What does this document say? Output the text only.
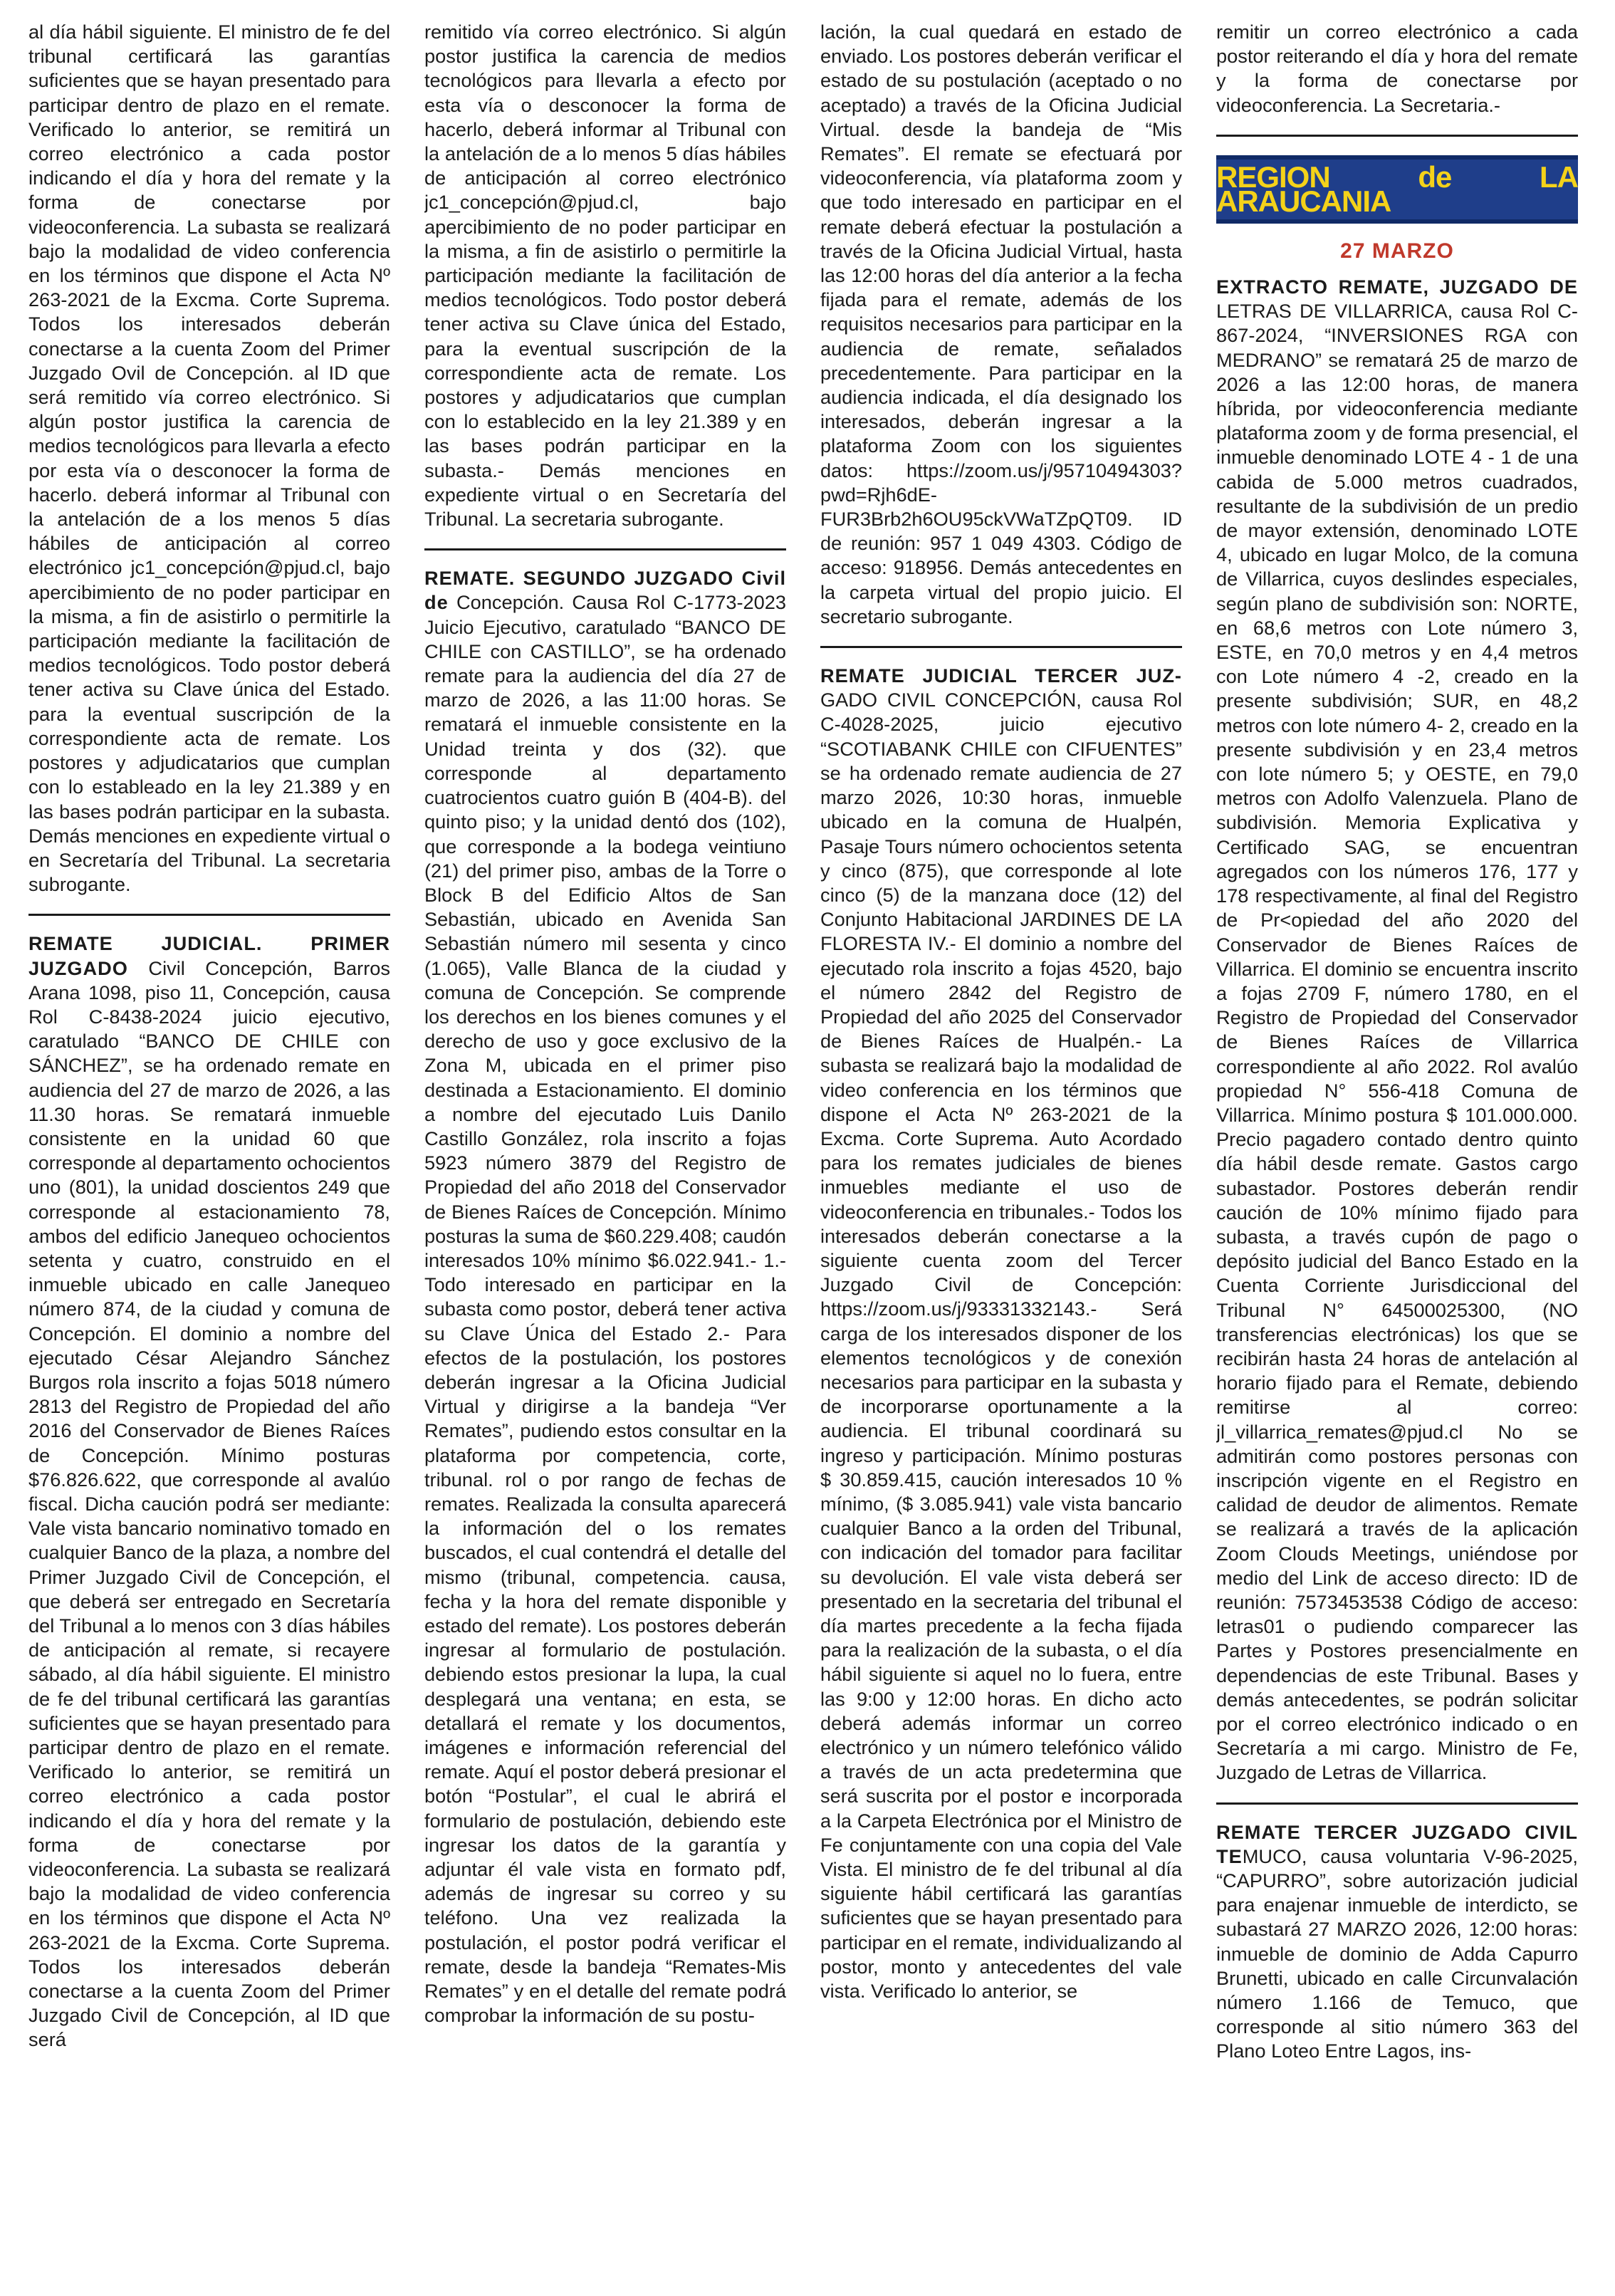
al día hábil siguiente. El ministro de fe del tribunal certificará las garantías suficientes que se hayan presentado para participar dentro de plazo en el remate. Verificado lo anterior, se remitirá un correo electrónico a cada postor indicando el día y hora del remate y la forma de conectarse por videoconferencia. La subasta se realizará bajo la modalidad de video conferencia en los términos que dispone el Acta Nº 263-2021 de la Excma. Corte Suprema. Todos los interesados deberán conectarse a la cuenta Zoom del Primer Juzgado Ovil de Concepción. al ID que será remitido vía correo electrónico. Si algún postor justifica la carencia de medios tecnológicos para llevarla a efecto por esta vía o desconocer la forma de hacerlo. deberá informar al Tribunal con la antelación de a los menos 5 días hábiles de anticipación al correo electrónico jc1_concepción@pjud.cl, bajo apercibimiento de no poder participar en la misma, a fin de asistirlo o permitirle la participación mediante la facilitación de medios tecnológicos. Todo postor deberá tener activa su Clave única del Estado. para la eventual suscripción de la correspondiente acta de remate. Los postores y adjudicatarios que cumplan con lo estableado en la ley 21.389 y en las bases podrán participar en la subasta. Demás menciones en expediente virtual o en Secretaría del Tribunal. La secretaria subrogante.

REMATE JUDICIAL. PRIMER JUZGADO Civil Concepción, Barros Arana 1098, piso 11, Concepción, causa Rol C-8438-2024 juicio ejecutivo, caratulado “BANCO DE CHILE con SÁNCHEZ”, se ha ordenado remate en audiencia del 27 de marzo de 2026, a las 11.30 horas. Se rematará inmueble consistente en la unidad 60 que corresponde al departamento ochocientos uno (801), la unidad doscientos 249 que corresponde al estacionamiento 78, ambos del edificio Janequeo ochocientos setenta y cuatro, construido en el inmueble ubicado en calle Janequeo número 874, de la ciudad y comuna de Concepción. El dominio a nombre del ejecutado César Alejandro Sánchez Burgos rola inscrito a fojas 5018 número 2813 del Registro de Propiedad del año 2016 del Conservador de Bienes Raíces de Concepción. Mínimo posturas $76.826.622, que corresponde al avalúo fiscal. Dicha caución podrá ser mediante: Vale vista bancario nominativo tomado en cualquier Banco de la plaza, a nombre del Primer Juzgado Civil de Concepción, el que deberá ser entregado en Secretaría del Tribunal a lo menos con 3 días hábiles de anticipación al remate, si recayere sábado, al día hábil siguiente. El ministro de fe del tribunal certificará las garantías suficientes que se hayan presentado para participar dentro de plazo en el remate. Verificado lo anterior, se remitirá un correo electrónico a cada postor indicando el día y hora del remate y la forma de conectarse por videoconferencia. La subasta se realizará bajo la modalidad de video conferencia en los términos que dispone el Acta Nº 263-2021 de la Excma. Corte Suprema. Todos los interesados deberán conectarse a la cuenta Zoom del Primer Juzgado Civil de Concepción, al ID que será

remitido vía correo electrónico. Si algún postor justifica la carencia de medios tecnológicos para llevarla a efecto por esta vía o desconocer la forma de hacerlo, deberá informar al Tribunal con la antelación de a lo menos 5 días hábiles de anticipación al correo electrónico jc1_concepción@pjud.cl, bajo apercibimiento de no poder participar en la misma, a fin de asistirlo o permitirle la participación mediante la facilitación de medios tecnológicos. Todo postor deberá tener activa su Clave única del Estado, para la eventual suscripción de la correspondiente acta de remate. Los postores y adjudicatarios que cumplan con lo establecido en la ley 21.389 y en las bases podrán participar en la subasta.- Demás menciones en expediente virtual o en Secretaría del Tribunal. La secretaria subrogante.

REMATE. SEGUNDO JUZGADO Civil de Concepción. Causa Rol C-1773-2023 Juicio Ejecutivo, caratulado “BANCO DE CHILE con CASTILLO”, se ha ordenado remate para la audiencia del día 27 de marzo de 2026, a las 11:00 horas. Se rematará el inmueble consistente en la Unidad treinta y dos (32). que corresponde al departamento cuatrocientos cuatro guión B (404-B). del quinto piso; y la unidad dentó dos (102), que corresponde a la bodega veintiuno (21) del primer piso, ambas de la Torre o Block B del Edificio Altos de San Sebastián, ubicado en Avenida San Sebastián número mil sesenta y cinco (1.065), Valle Blanca de la ciudad y comuna de Concepción. Se comprende los derechos en los bienes comunes y el derecho de uso y goce exclusivo de la Zona M, ubicada en el primer piso destinada a Estacionamiento. El dominio a nombre del ejecutado Luis Danilo Castillo González, rola inscrito a fojas 5923 número 3879 del Registro de Propiedad del año 2018 del Conservador de Bienes Raíces de Concepción. Mínimo posturas la suma de $60.229.408; caudón interesados 10% mínimo $6.022.941.- 1.-Todo interesado en participar en la subasta como postor, deberá tener activa su Clave Única del Estado 2.- Para efectos de la postulación, los postores deberán ingresar a la Oficina Judicial Virtual y dirigirse a la bandeja “Ver Remates”, pudiendo estos consultar en la plataforma por competencia, corte, tribunal. rol o por rango de fechas de remates. Realizada la consulta aparecerá la información del o los remates buscados, el cual contendrá el detalle del mismo (tribunal, competencia. causa, fecha y la hora del remate disponible y estado del remate). Los postores deberán ingresar al formulario de postulación. debiendo estos presionar la lupa, la cual desplegará una ventana; en esta, se detallará el remate y los documentos, imágenes e información referencial del remate. Aquí el postor deberá presionar el botón “Postular”, el cual le abrirá el formulario de postulación, debiendo este ingresar los datos de la garantía y adjuntar él vale vista en formato pdf, además de ingresar su correo y su teléfono. Una vez realizada la postulación, el postor podrá verificar el remate, desde la bandeja “Remates-Mis Remates” y en el detalle del remate podrá comprobar la información de su postu-

lación, la cual quedará en estado de enviado. Los postores deberán verificar el estado de su postulación (aceptado o no aceptado) a través de la Oficina Judicial Virtual. desde la bandeja de “Mis Remates”. El remate se efectuará por videoconferencia, vía plataforma zoom y que todo interesado en participar en el remate deberá efectuar la postulación a través de la Oficina Judicial Virtual, hasta las 12:00 horas del día anterior a la fecha fijada para el remate, además de los requisitos necesarios para participar en la audiencia de remate, señalados precedentemente. Para participar en la audiencia indicada, el día designado los interesados, deberán ingresar a la plataforma Zoom con los siguientes datos: https://zoom.us/j/95710494303?pwd=Rjh6dE-FUR3Brb2h6OU95ckVWaTZpQT09. ID de reunión: 957 1 049 4303. Código de acceso: 918956. Demás antecedentes en la carpeta virtual del propio juicio. El secretario subrogante.

REMATE JUDICIAL TERCER JUZ-GADO CIVIL CONCEPCIÓN, causa Rol C-4028-2025, juicio ejecutivo “SCOTIABANK CHILE con CIFUENTES” se ha ordenado remate audiencia de 27 marzo 2026, 10:30 horas, inmueble ubicado en la comuna de Hualpén, Pasaje Tours número ochocientos setenta y cinco (875), que corresponde al lote cinco (5) de la manzana doce (12) del Conjunto Habitacional JARDINES DE LA FLORESTA IV.- El dominio a nombre del ejecutado rola inscrito a fojas 4520, bajo el número 2842 del Registro de Propiedad del año 2025 del Conservador de Bienes Raíces de Hualpén.- La subasta se realizará bajo la modalidad de video conferencia en los términos que dispone el Acta Nº 263-2021 de la Excma. Corte Suprema. Auto Acordado para los remates judiciales de bienes inmuebles mediante el uso de videoconferencia en tribunales.- Todos los interesados deberán conectarse a la siguiente cuenta zoom del Tercer Juzgado Civil de Concepción: https://zoom.us/j/93331332143.- Será carga de los interesados disponer de los elementos tecnológicos y de conexión necesarios para participar en la subasta y de incorporarse oportunamente a la audiencia. El tribunal coordinará su ingreso y participación. Mínimo posturas $ 30.859.415, caución interesados 10 % mínimo, ($ 3.085.941) vale vista bancario cualquier Banco a la orden del Tribunal, con indicación del tomador para facilitar su devolución. El vale vista deberá ser presentado en la secretaria del tribunal el día martes precedente a la fecha fijada para la realización de la subasta, o el día hábil siguiente si aquel no lo fuera, entre las 9:00 y 12:00 horas. En dicho acto deberá además informar un correo electrónico y un número telefónico válido a través de un acta predetermina que será suscrita por el postor e incorporada a la Carpeta Electrónica por el Ministro de Fe conjuntamente con una copia del Vale Vista. El ministro de fe del tribunal al día siguiente hábil certificará las garantías suficientes que se hayan presentado para participar en el remate, individualizando al postor, monto y antecedentes del vale vista. Verificado lo anterior, se

remitir un correo electrónico a cada postor reiterando el día y hora del remate y la forma de conectarse por videoconferencia. La Secretaria.-

REGION de LA ARAUCANIA
27 MARZO

EXTRACTO REMATE, JUZGADO DE LETRAS DE VILLARRICA, causa Rol C-867-2024, “INVERSIONES RGA con MEDRANO” se rematará 25 de marzo de 2026 a las 12:00 horas, de manera híbrida, por videoconferencia mediante plataforma zoom y de forma presencial, el inmueble denominado LOTE 4 - 1 de una cabida de 5.000 metros cuadrados, resultante de la subdivisión de un predio de mayor extensión, denominado LOTE 4, ubicado en lugar Molco, de la comuna de Villarrica, cuyos deslindes especiales, según plano de subdivisión son: NORTE, en 68,6 metros con Lote número 3, ESTE, en 70,0 metros y en 4,4 metros con Lote número 4 -2, creado en la presente subdivisión; SUR, en 48,2 metros con lote número 4- 2, creado en la presente subdivisión y en 23,4 metros con lote número 5; y OESTE, en 79,0 metros con Adolfo Valenzuela. Plano de subdivisión. Memoria Explicativa y Certificado SAG, se encuentran agregados con los números 176, 177 y 178 respectivamente, al final del Registro de Pr<opiedad del año 2020 del Conservador de Bienes Raíces de Villarrica. El dominio se encuentra inscrito a fojas 2709 F, número 1780, en el Registro de Propiedad del Conservador de Bienes Raíces de Villarrica correspondiente al año 2022. Rol avalúo propiedad N° 556-418 Comuna de Villarrica. Mínimo postura $ 101.000.000. Precio pagadero contado dentro quinto día hábil desde remate. Gastos cargo subastador. Postores deberán rendir caución de 10% mínimo fijado para subasta, a través cupón de pago o depósito judicial del Banco Estado en la Cuenta Corriente Jurisdiccional del Tribunal N° 64500025300, (NO transferencias electrónicas) los que se recibirán hasta 24 horas de antelación al horario fijado para el Remate, debiendo remitirse al correo: jl_villarrica_remates@pjud.cl No se admitirán como postores personas con inscripción vigente en el Registro en calidad de deudor de alimentos. Remate se realizará a través de la aplicación Zoom Clouds Meetings, uniéndose por medio del Link de acceso directo: ID de reunión: 7573453538 Código de acceso: letras01 o pudiendo comparecer las Partes y Postores presencialmente en dependencias de este Tribunal. Bases y demás antecedentes, se podrán solicitar por el correo electrónico indicado o en Secretaría a mi cargo. Ministro de Fe, Juzgado de Letras de Villarrica.

REMATE TERCER JUZGADO CIVIL TEMUCO, causa voluntaria V-96-2025, “CAPURRO”, sobre autorización judicial para enajenar inmueble de interdicto, se subastará 27 MARZO 2026, 12:00 horas: inmueble de dominio de Adda Capurro Brunetti, ubicado en calle Circunvalación número 1.166 de Temuco, que corresponde al sitio número 363 del Plano Loteo Entre Lagos, ins-
